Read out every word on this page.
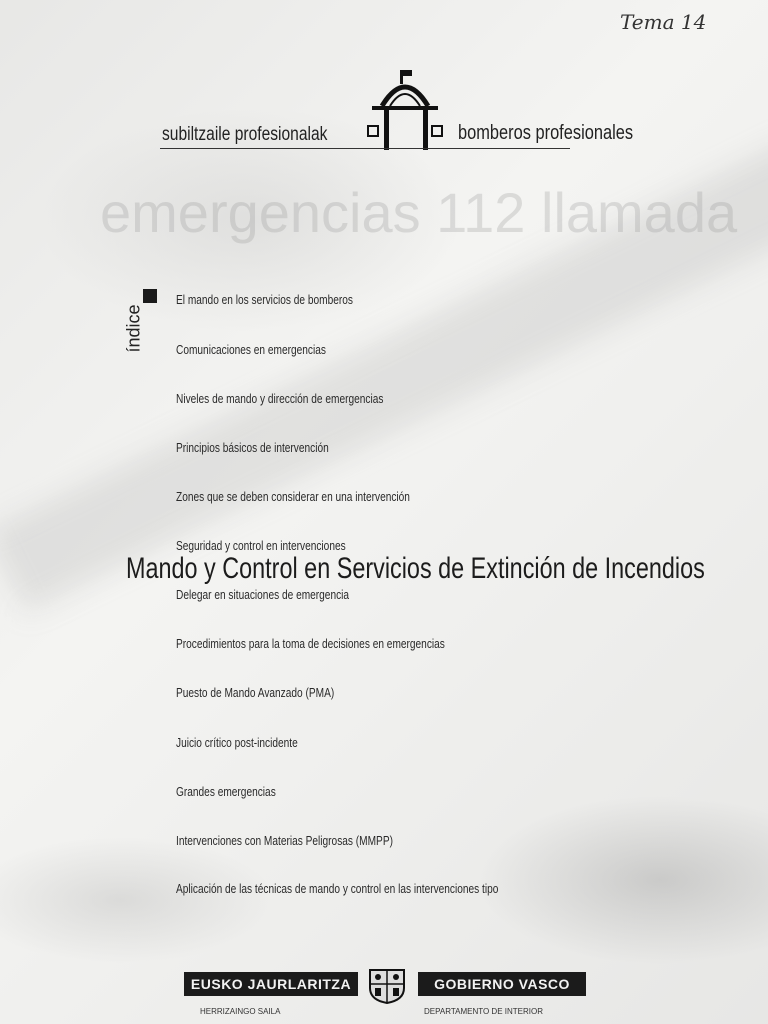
Tema 14
subiltzaile profesionalak	bomberos profesionales
emergencias 112 llamada
índice
El mando en los servicios de bomberos
Comunicaciones en emergencias
Niveles de mando y dirección de emergencias
Principios básicos de intervención
Zones que se deben considerar en una intervención
Seguridad y control en intervenciones
Delegar en situaciones de emergencia
Procedimientos para la toma de decisiones en emergencias
Puesto de Mando Avanzado (PMA)
Juicio crítico post-incidente
Grandes emergencias
Intervenciones con Materias Peligrosas (MMPP)
Aplicación de las técnicas de mando y control en las intervenciones tipo
Mando y Control en Servicios de Extinción de Incendios
EUSKO JAURLARITZA	GOBIERNO VASCO
HERRIZAINGO SAILA	DEPARTAMENTO DE INTERIOR
